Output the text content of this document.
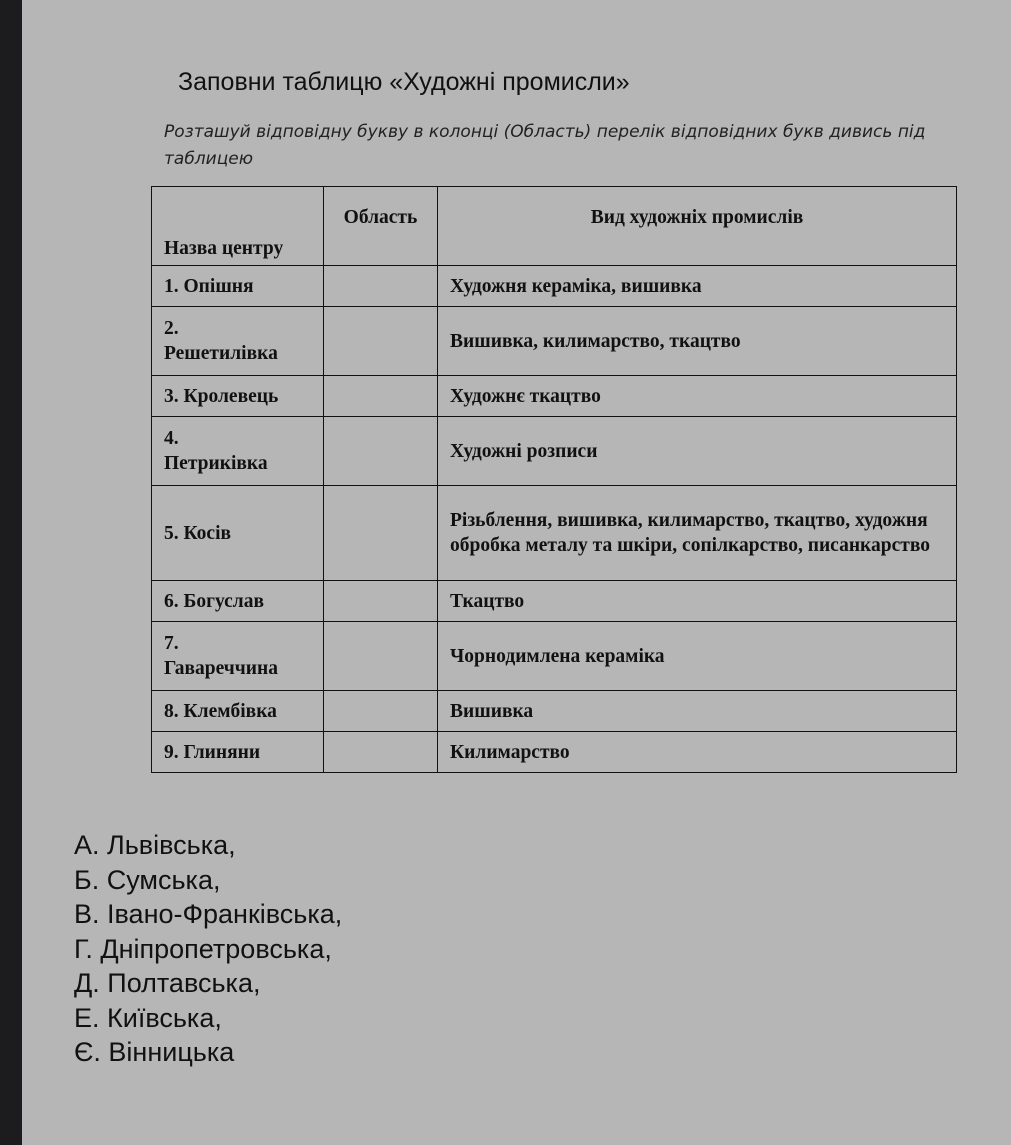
Заповни таблицю «Художні промисли»
Розташуй відповідну букву в колонці (Область) перелік відповідних букв дивись під таблицею
Назва центру	Область	Вид художніх промислів
1. Опішня		Художня кераміка, вишивка

2.
Решетилівка		Вишивка, килимарство, ткацтво
3. Кролевець		Художнє ткацтво

4.
Петриківка		Художні розписи
5. Косів		Різьблення, вишивка, килимарство, ткацтво, художня обробка металу та шкіри, сопілкарство, писанкарство
6. Богуслав		Ткацтво

7.
Гавареччина		Чорнодимлена кераміка
8. Клембівка		Вишивка
9. Глиняни		Килимарство
А. Львівська,
Б. Сумська,
В. Івано-Франківська,
Г. Дніпропетровська,
Д. Полтавська,
Е. Київська,
Є. Вінницька
